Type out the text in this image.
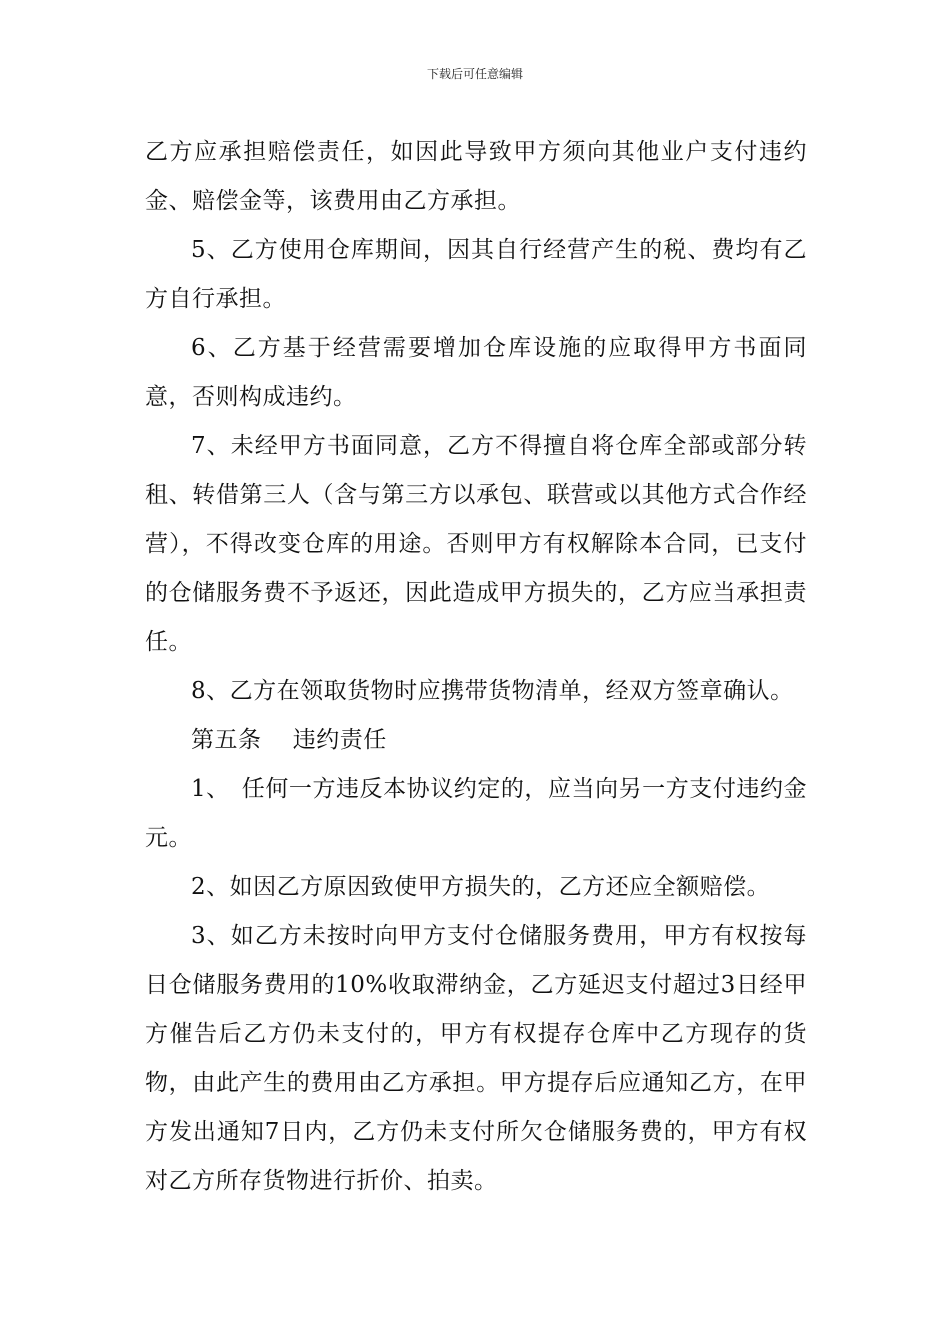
下载后可任意编辑

乙方应承担赔偿责任，如因此导致甲方须向其他业户支付违约金、赔偿金等，该费用由乙方承担。

5、乙方使用仓库期间，因其自行经营产生的税、费均有乙方自行承担。

6、乙方基于经营需要增加仓库设施的应取得甲方书面同意，否则构成违约。

7、未经甲方书面同意，乙方不得擅自将仓库全部或部分转租、转借第三人（含与第三方以承包、联营或以其他方式合作经营），不得改变仓库的用途。否则甲方有权解除本合同，已支付的仓储服务费不予返还，因此造成甲方损失的，乙方应当承担责任。

8、乙方在领取货物时应携带货物清单，经双方签章确认。

第五条　 违约责任

1、　任何一方违反本协议约定的，应当向另一方支付违约金　 元。

2、如因乙方原因致使甲方损失的，乙方还应全额赔偿。

3、如乙方未按时向甲方支付仓储服务费用，甲方有权按每日仓储服务费用的10%收取滞纳金，乙方延迟支付超过3日经甲方催告后乙方仍未支付的，甲方有权提存仓库中乙方现存的货物，由此产生的费用由乙方承担。甲方提存后应通知乙方，在甲方发出通知7日内，乙方仍未支付所欠仓储服务费的，甲方有权对乙方所存货物进行折价、拍卖。
